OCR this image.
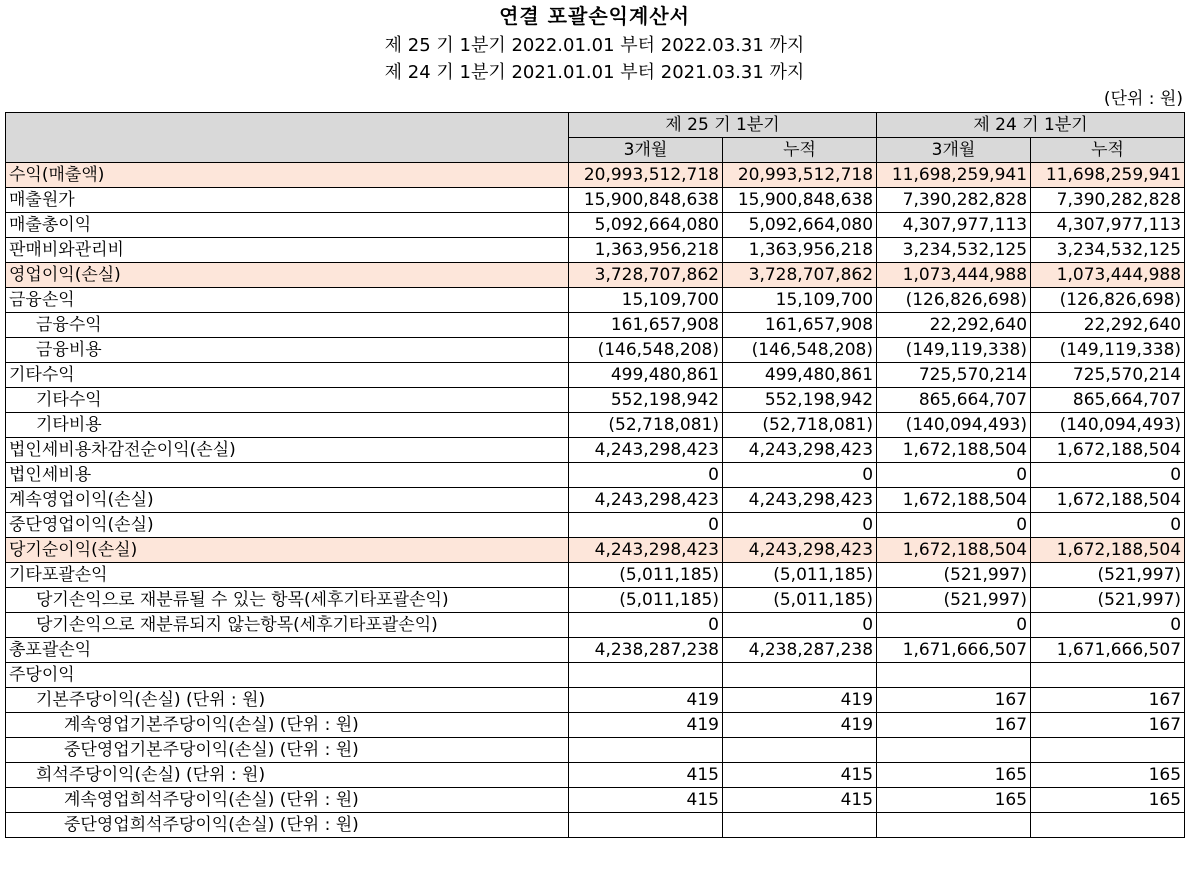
연결 포괄손익계산서
제 25 기 1분기 2022.01.01 부터 2022.03.31 까지
제 24 기 1분기 2021.01.01 부터 2021.03.31 까지
(단위 : 원)
	제 25 기 1분기		제 24 기 1분기	
	3개월	누적	3개월	누적
수익(매출액)	20,993,512,718	20,993,512,718	11,698,259,941	11,698,259,941
매출원가	15,900,848,638	15,900,848,638	7,390,282,828	7,390,282,828
매출총이익	5,092,664,080	5,092,664,080	4,307,977,113	4,307,977,113
판매비와관리비	1,363,956,218	1,363,956,218	3,234,532,125	3,234,532,125
영업이익(손실)	3,728,707,862	3,728,707,862	1,073,444,988	1,073,444,988
금융손익	15,109,700	15,109,700	(126,826,698)	(126,826,698)
금융수익	161,657,908	161,657,908	22,292,640	22,292,640
금융비용	(146,548,208)	(146,548,208)	(149,119,338)	(149,119,338)
기타수익	499,480,861	499,480,861	725,570,214	725,570,214
기타수익	552,198,942	552,198,942	865,664,707	865,664,707
기타비용	(52,718,081)	(52,718,081)	(140,094,493)	(140,094,493)
법인세비용차감전순이익(손실)	4,243,298,423	4,243,298,423	1,672,188,504	1,672,188,504
법인세비용	0	0	0	0
계속영업이익(손실)	4,243,298,423	4,243,298,423	1,672,188,504	1,672,188,504
중단영업이익(손실)	0	0	0	0
당기순이익(손실)	4,243,298,423	4,243,298,423	1,672,188,504	1,672,188,504
기타포괄손익	(5,011,185)	(5,011,185)	(521,997)	(521,997)
당기손익으로 재분류될 수 있는 항목(세후기타포괄손익)	(5,011,185)	(5,011,185)	(521,997)	(521,997)
당기손익으로 재분류되지 않는항목(세후기타포괄손익)	0	0	0	0
총포괄손익	4,238,287,238	4,238,287,238	1,671,666,507	1,671,666,507
주당이익				
기본주당이익(손실) (단위 : 원)	419	419	167	167
계속영업기본주당이익(손실) (단위 : 원)	419	419	167	167
중단영업기본주당이익(손실) (단위 : 원)				
희석주당이익(손실) (단위 : 원)	415	415	165	165
계속영업희석주당이익(손실) (단위 : 원)	415	415	165	165
중단영업희석주당이익(손실) (단위 : 원)				
